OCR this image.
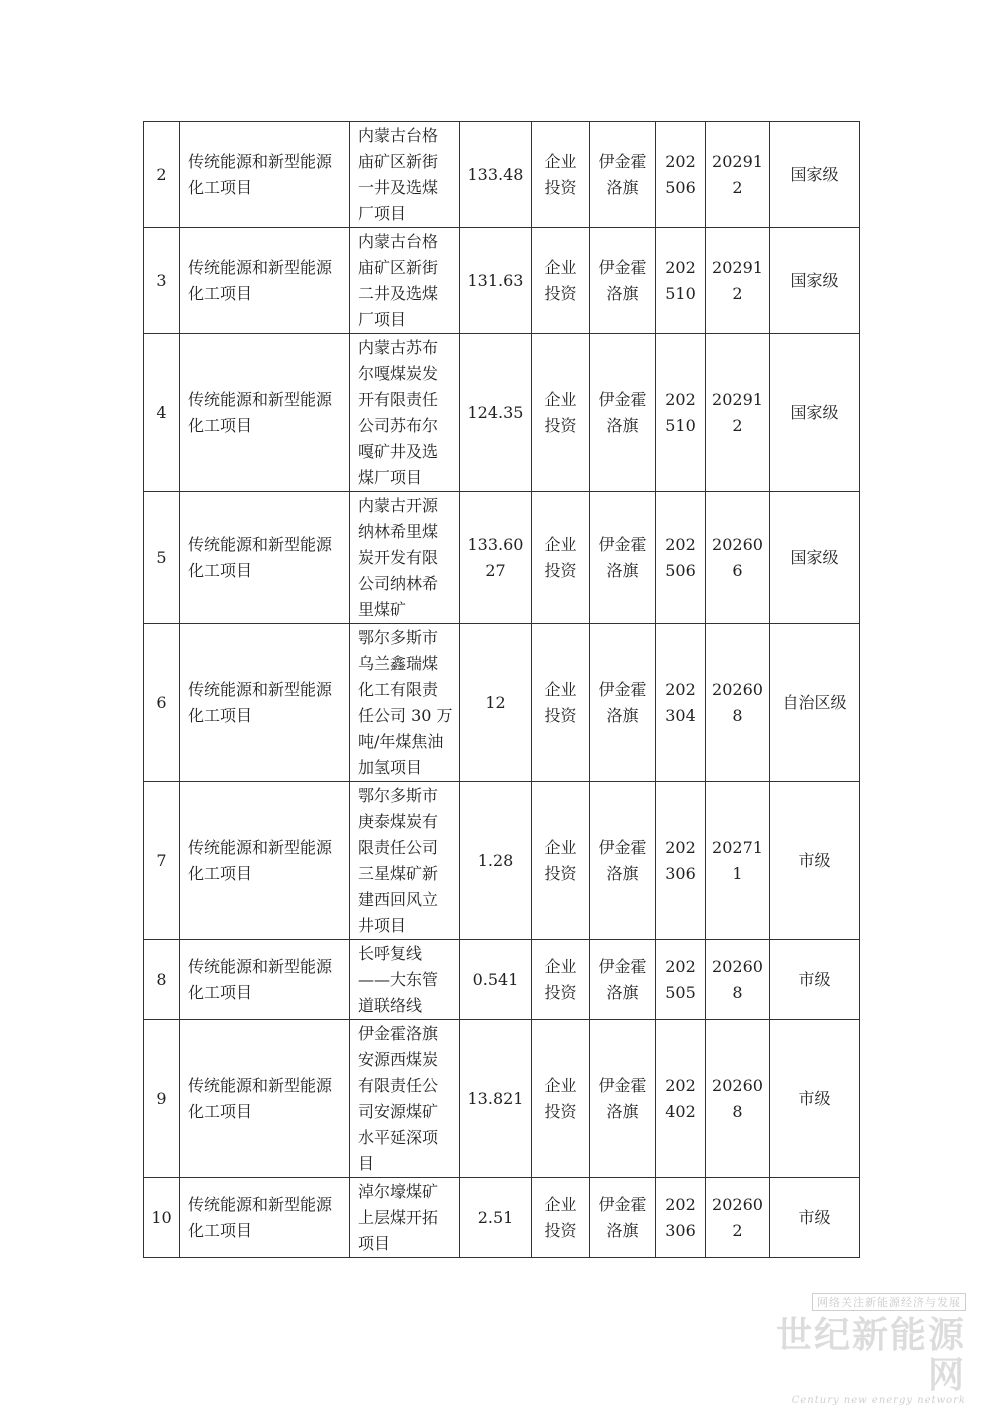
2	传统能源和新型能源化工项目	内蒙古台格庙矿区新街一井及选煤厂项目	133.48	企业投资	伊金霍洛旗	202506	202912	国家级
3	传统能源和新型能源化工项目	内蒙古台格庙矿区新街二井及选煤厂项目	131.63	企业投资	伊金霍洛旗	202510	202912	国家级
4	传统能源和新型能源化工项目	内蒙古苏布尔嘎煤炭发开有限责任公司苏布尔嘎矿井及选煤厂项目	124.35	企业投资	伊金霍洛旗	202510	202912	国家级
5	传统能源和新型能源化工项目	内蒙古开源纳林希里煤炭开发有限公司纳林希里煤矿	133.6027	企业投资	伊金霍洛旗	202506	202606	国家级
6	传统能源和新型能源化工项目	鄂尔多斯市乌兰鑫瑞煤化工有限责任公司 30 万吨/年煤焦油加氢项目	12	企业投资	伊金霍洛旗	202304	202608	自治区级
7	传统能源和新型能源化工项目	鄂尔多斯市庚泰煤炭有限责任公司三星煤矿新建西回风立井项目	1.28	企业投资	伊金霍洛旗	202306	202711	市级
8	传统能源和新型能源化工项目	长呼复线——大东管道联络线	0.541	企业投资	伊金霍洛旗	202505	202608	市级
9	传统能源和新型能源化工项目	伊金霍洛旗安源西煤炭有限责任公司安源煤矿水平延深项目	13.821	企业投资	伊金霍洛旗	202402	202608	市级
10	传统能源和新型能源化工项目	淖尔壕煤矿上层煤开拓项目	2.51	企业投资	伊金霍洛旗	202306	202602	市级
网络关注新能源经济与发展
世纪新能源网
Century new energy network
